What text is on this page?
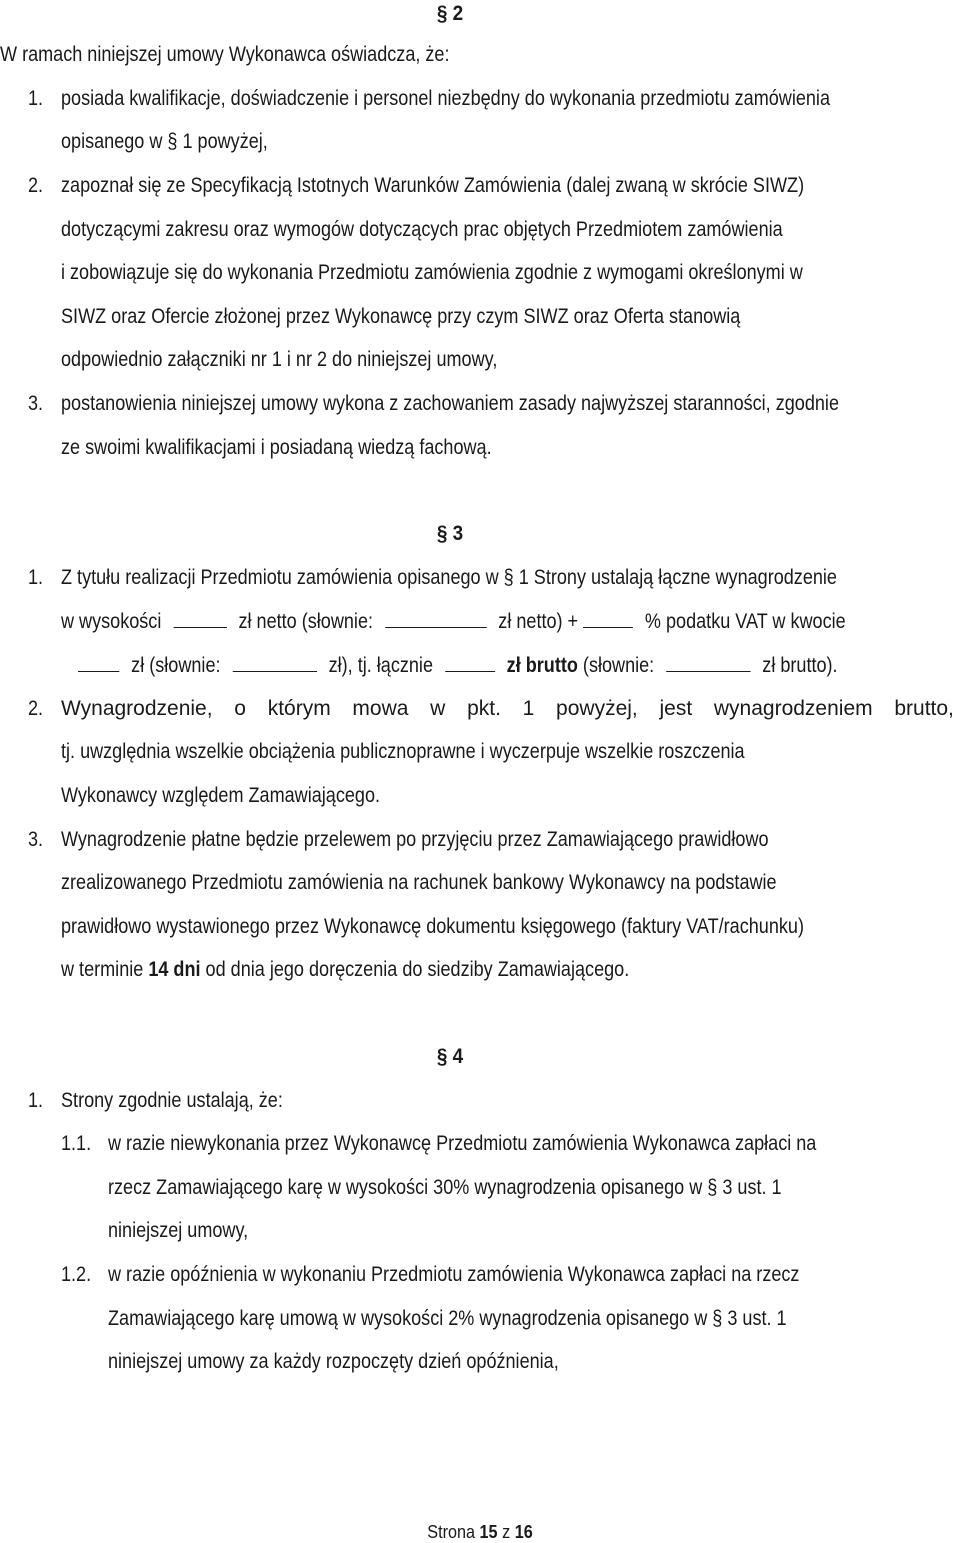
§ 2
W ramach niniejszej umowy Wykonawca oświadcza, że:
1. posiada kwalifikacje, doświadczenie i personel niezbędny do wykonania przedmiotu zamówienia
opisanego w § 1 powyżej,
2. zapoznał się ze Specyfikacją Istotnych Warunków Zamówienia (dalej zwaną w skrócie SIWZ)
dotyczącymi zakresu oraz wymogów dotyczących prac objętych Przedmiotem zamówienia
i zobowiązuje się do wykonania Przedmiotu zamówienia zgodnie z wymogami określonymi w
SIWZ oraz Ofercie złożonej przez Wykonawcę przy czym SIWZ oraz Oferta stanowią
odpowiednio załączniki nr 1 i nr 2 do niniejszej umowy,
3. postanowienia niniejszej umowy wykona z zachowaniem zasady najwyższej staranności, zgodnie
ze swoimi kwalifikacjami i posiadaną wiedzą fachową.
§ 3
1. Z tytułu realizacji Przedmiotu zamówienia opisanego w § 1 Strony ustalają łączne wynagrodzenie
w wysokości	zł netto (słownie:	zł netto) +	% podatku VAT w kwocie
zł (słownie:	zł), tj. łącznie	zł brutto (słownie:	zł brutto).
2. Wynagrodzenie, o którym mowa w pkt. 1 powyżej, jest wynagrodzeniem brutto,
tj. uwzględnia wszelkie obciążenia publicznoprawne i wyczerpuje wszelkie roszczenia
Wykonawcy względem Zamawiającego.
3. Wynagrodzenie płatne będzie przelewem po przyjęciu przez Zamawiającego prawidłowo
zrealizowanego Przedmiotu zamówienia na rachunek bankowy Wykonawcy na podstawie
prawidłowo wystawionego przez Wykonawcę dokumentu księgowego (faktury VAT/rachunku)
w terminie 14 dni od dnia jego doręczenia do siedziby Zamawiającego.
§ 4
1. Strony zgodnie ustalają, że:
1.1. w razie niewykonania przez Wykonawcę Przedmiotu zamówienia Wykonawca zapłaci na
rzecz Zamawiającego karę w wysokości 30% wynagrodzenia opisanego w § 3 ust. 1
niniejszej umowy,
1.2. w razie opóźnienia w wykonaniu Przedmiotu zamówienia Wykonawca zapłaci na rzecz
Zamawiającego karę umową w wysokości 2% wynagrodzenia opisanego w § 3 ust. 1
niniejszej umowy za każdy rozpoczęty dzień opóźnienia,
Strona 15 z 16
